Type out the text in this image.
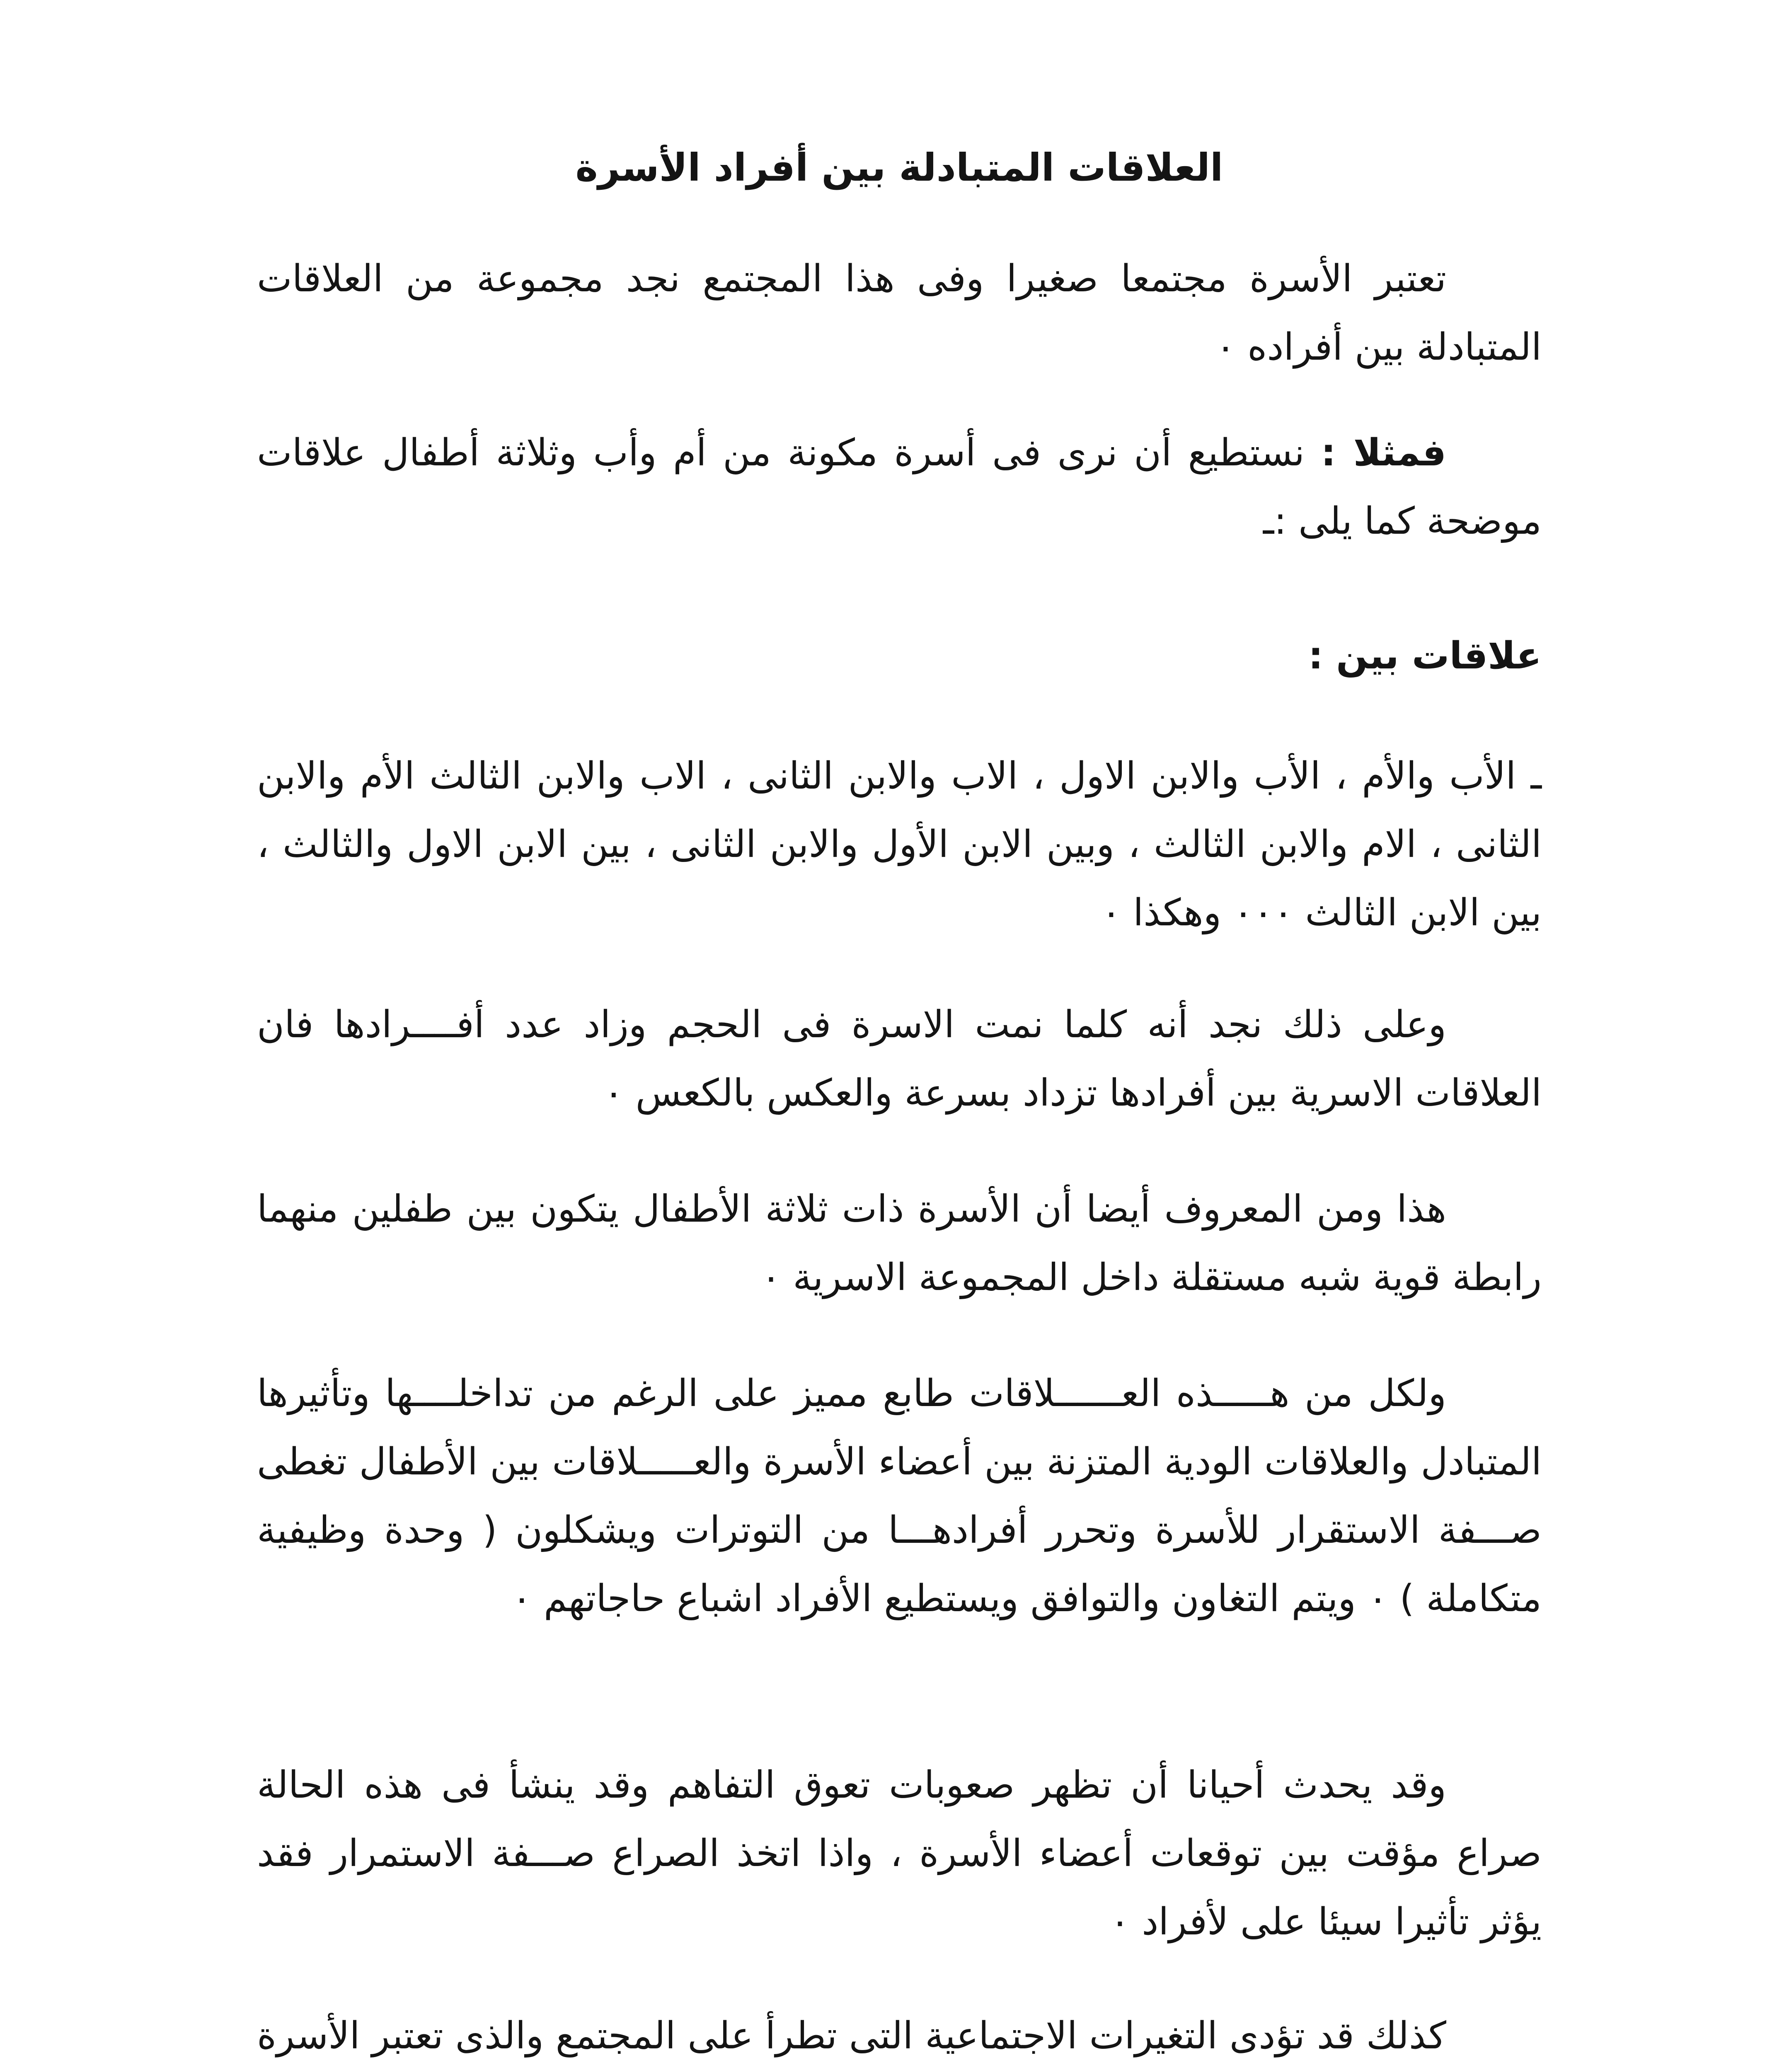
العلاقات المتبادلة بين أفراد الأسرة

تعتبر الأسرة مجتمعا صغيرا وفى هذا المجتمع نجد مجموعة من العلاقات المتبادلة بين أفراده ٠

فمثلا : نستطيع أن نرى فى أسرة مكونة من أم وأب وثلاثة أطفال علاقات موضحة كما يلى :ـ

علاقات بين :

ـ الأب والأم ، الأب والابن الاول ، الاب والابن الثانى ، الاب والابن الثالث الأم والابن الثانى ، الام والابن الثالث ، وبين الابن الأول والابن الثانى ، بين الابن الاول والثالث ، بين الابن الثالث ٠٠٠ وهكذا ٠

وعلى ذلك نجد أنه كلما نمت الاسرة فى الحجم وزاد عدد أفــــرادها فان العلاقات الاسرية بين أفرادها تزداد بسرعة والعكس بالكعس ٠

هذا ومن المعروف أيضا أن الأسرة ذات ثلاثة الأطفال يتكون بين طفلين منهما رابطة قوية شبه مستقلة داخل المجموعة الاسرية ٠

ولكل من هـــــذه العــــــلاقات طابع مميز على الرغم من تداخلــــها وتأثيرها المتبادل والعلاقات الودية المتزنة بين أعضاء الأسرة والعـــــلاقات بين الأطفال تغطى صـــفة الاستقرار للأسرة وتحرر أفرادهـــا من التوترات ويشكلون ( وحدة وظيفية متكاملة ) ٠ ويتم التغاون والتوافق ويستطيع الأفراد اشباع حاجاتهم ٠

وقد يحدث أحيانا أن تظهر صعوبات تعوق التفاهم وقد ينشأ فى هذه الحالة صراع مؤقت بين توقعات أعضاء الأسرة ، واذا اتخذ الصراع صـــفة الاستمرار فقد يؤثر تأثيرا سيئا على لأفراد ٠

كذلك قد تؤدى التغيرات الاجتماعية التى تطرأ على المجتمع والذى تعتبر الأسرة
